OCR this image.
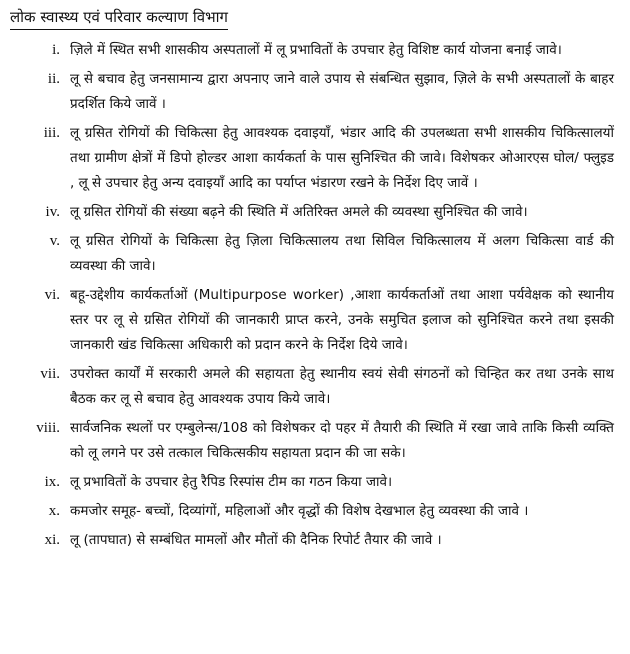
लोक स्वास्थ्य एवं परिवार कल्याण विभाग
i. ज़िले में स्थित सभी शासकीय अस्पतालों में लू प्रभावितों के उपचार हेतु विशिष्ट कार्य योजना बनाई जावे।
ii. लू से बचाव हेतु जनसामान्य द्वारा अपनाए जाने वाले उपाय से संबन्धित सुझाव, ज़िले के सभी अस्पतालों के बाहर प्रदर्शित किये जावें ।
iii. लू ग्रसित रोगियों की चिकित्सा हेतु आवश्यक दवाइयाँ, भंडार आदि की उपलब्धता सभी शासकीय चिकित्सालयों तथा ग्रामीण क्षेत्रों में डिपो होल्डर आशा कार्यकर्ता के पास सुनिश्चित की जावे। विशेषकर ओआरएस घोल/ फ्लुइड , लू से उपचार हेतु अन्य दवाइयाँ आदि का पर्याप्त भंडारण रखने के निर्देश दिए जावें ।
iv. लू ग्रसित रोगियों की संख्या बढ़ने की स्थिति में अतिरिक्त अमले की व्यवस्था सुनिश्चित की जावे।
v. लू ग्रसित रोगियों के चिकित्सा हेतु ज़िला चिकित्सालय तथा सिविल चिकित्सालय में अलग चिकित्सा वार्ड की व्यवस्था की जावे।
vi. बहू-उद्देशीय कार्यकर्ताओं (Multipurpose worker) ,आशा कार्यकर्ताओं तथा आशा पर्यवेक्षक को स्थानीय स्तर पर लू से ग्रसित रोगियों की जानकारी प्राप्त करने, उनके समुचित इलाज को सुनिश्चित करने तथा इसकी जानकारी खंड चिकित्सा अधिकारी को प्रदान करने के निर्देश दिये जावे।
vii. उपरोक्त कार्यों में सरकारी अमले की सहायता हेतु स्थानीय स्वयं सेवी संगठनों को चिन्हित कर तथा उनके साथ बैठक कर लू से बचाव हेतु आवश्यक उपाय किये जावे।
viii. सार्वजनिक स्थलों पर एम्बुलेन्स/108 को विशेषकर दो पहर में तैयारी की स्थिति में रखा जावे ताकि किसी व्यक्ति को लू लगने पर उसे तत्काल चिकित्सकीय सहायता प्रदान की जा सके।
ix. लू प्रभावितों के उपचार हेतु रैपिड रिस्पांस टीम का गठन किया जावे।
x. कमजोर समूह- बच्चों, दिव्यांगों, महिलाओं और वृद्धों की विशेष देखभाल हेतु व्यवस्था की जावे ।
xi. लू (तापघात) से सम्बंधित मामलों और मौतों की दैनिक रिपोर्ट तैयार की जावे ।
